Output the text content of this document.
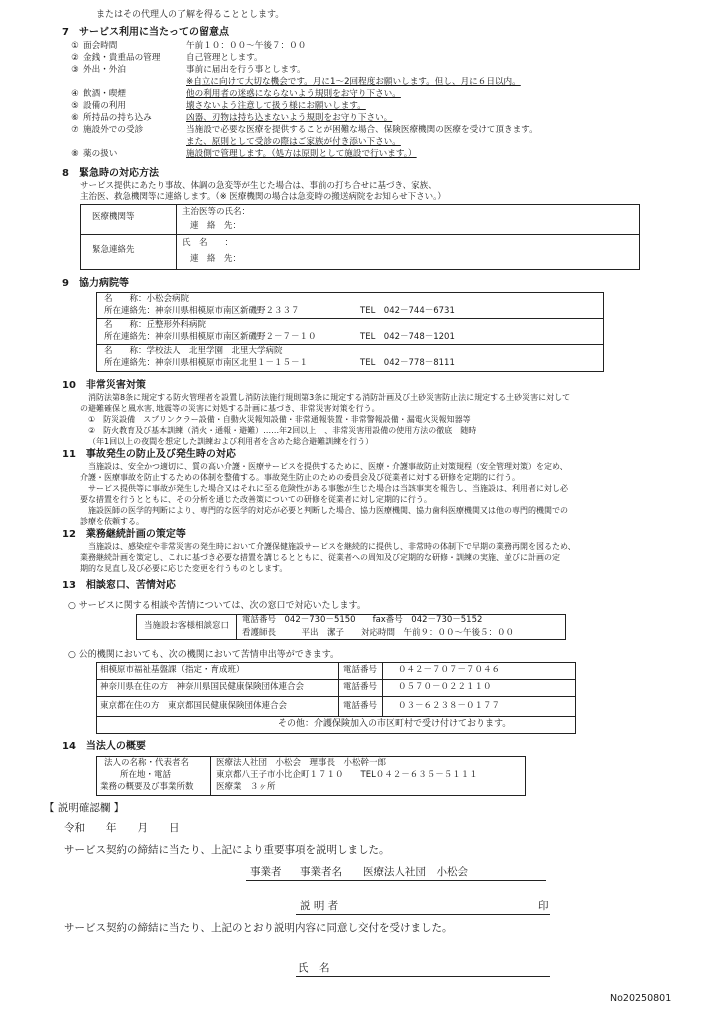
またはその代理人の了解を得ることとします。
7　サービス利用に当たっての留意点
① 面会時間	午前１０：００～午後７：００
② 金銭・貴重品の管理	自己管理とします。
③ 外出・外泊	事前に届出を行う事とします。
※自立に向けて大切な機会です。月に1～2回程度お願いします。但し、月に６日以内。
④ 飲酒・喫煙	他の利用者の迷惑にならないよう規則をお守り下さい。
⑤ 設備の利用	壊さないよう注意して扱う様にお願いします。
⑥ 所持品の持ち込み	凶器、刃物は持ち込まないよう規則をお守り下さい。
⑦ 施設外での受診	当施設で必要な医療を提供することが困難な場合、保険医療機関の医療を受けて頂きます。
また、原則として受診の際はご家族が付き添い下さい。
⑧ 薬の扱い	施設側で管理します。（処方は原則として施設で行います。）
8　緊急時の対応方法
サービス提供にあたり事故、体調の急変等が生じた場合は、事前の打ち合せに基づき、家族、
主治医、救急機関等に連絡します。（※ 医療機関の場合は急変時の搬送病院をお知らせ下さい。）
医療機関等	主治医等の氏名：
連　絡　先：
緊急連絡先
氏　名　　：
連　絡　先：
9　協力病院等
名　　称：小松会病院
所在連絡先：神奈川県相模原市南区新磯野２３３７	TEL　042－744－6731
名　　称：丘整形外科病院
所在連絡先：神奈川県相模原市南区新磯野２－７－１０	TEL　042－748－1201
名　　称：学校法人　北里学園　北里大学病院
所在連絡先：神奈川県相模原市南区北里１－１５－１	TEL　042－778－8111
10　非常災害対策
消防法第8条に規定する防火管理者を設置し消防法施行規則第3条に規定する消防計画及び土砂災害防止法に規定する土砂災害に対して
の避難確保と風水害､地震等の災害に対処する計画に基づき、非常災害対策を行う。
①　防災設備　スプリンクラー設備・自動火災報知設備・非常通報装置・非常警報設備・漏電火災報知器等
②　防火教育及び基本訓練（消火・通報・避難）……年2回以上　、非常災害用設備の使用方法の徹底　随時
（年1回以上の夜間を想定した訓練および利用者を含めた総合避難訓練を行う）
11　事故発生の防止及び発生時の対応
当施設は、安全かつ適切に、質の高い介護・医療サービスを提供するために、医療・介護事故防止対策規程（安全管理対策）を定め、
介護・医療事故を防止するための体制を整備する。事故発生防止のための委員会及び従業者に対する研修を定期的に行う。
サービス提供等に事故が発生した場合又はそれに至る危険性がある事態が生じた場合は当該事実を報告し、当施設は、利用者に対し必
要な措置を行うとともに、その分析を通じた改善策についての研修を従業者に対し定期的に行う。
施設医師の医学的判断により、専門的な医学的対応が必要と判断した場合、協力医療機関、協力歯科医療機関又は他の専門的機関での
診療を依頼する。
12　業務継続計画の策定等
当施設は、感染症や非常災害の発生時において介護保健施設サービスを継続的に提供し、非常時の体制下で早期の業務再開を図るため、
業務継続計画を策定し、これに基づき必要な措置を講じるとともに、従業者への周知及び定期的な研修・訓練の実施、並びに計画の定
期的な見直し及び必要に応じた変更を行うものとします。
13　相談窓口、苦情対応
○ サービスに関する相談や苦情については、次の窓口で対応いたします。
当施設お客様相談窓口
電話番号　042－730－5150　　fax番号　042－730－5152
看護師長　　　平出　潔子　　対応時間　午前９：００～午後５：００
○ 公的機関においても、次の機関において苦情申出等ができます。
相模原市福祉基盤課（指定・育成班）	電話番号 ０４２－７０７－７０４６
神奈川県在住の方　神奈川県国民健康保険団体連合会	電話番号 ０５７０－０２２１１０
東京都在住の方　東京都国民健康保険団体連合会	電話番号 ０３－６２３８－０１７７
その他：介護保険加入の市区町村で受け付けております。
14　当法人の概要
法人の名称・代表者名	医療法人社団　小松会　理事長　小松幹一郎
所在地・電話	東京都八王子市小比企町１７１０　　TEL０４２－６３５－５１１１
業務の概要及び事業所数	医療業　３ヶ所
【 説明確認欄 】
令和　　年　　月　　日
サービス契約の締結に当たり、上記により重要事項を説明しました。
事業者 事業者名　　医療法人社団　小松会
説 明 者	印
サービス契約の締結に当たり、上記のとおり説明内容に同意し交付を受けました。
氏　名
No20250801
